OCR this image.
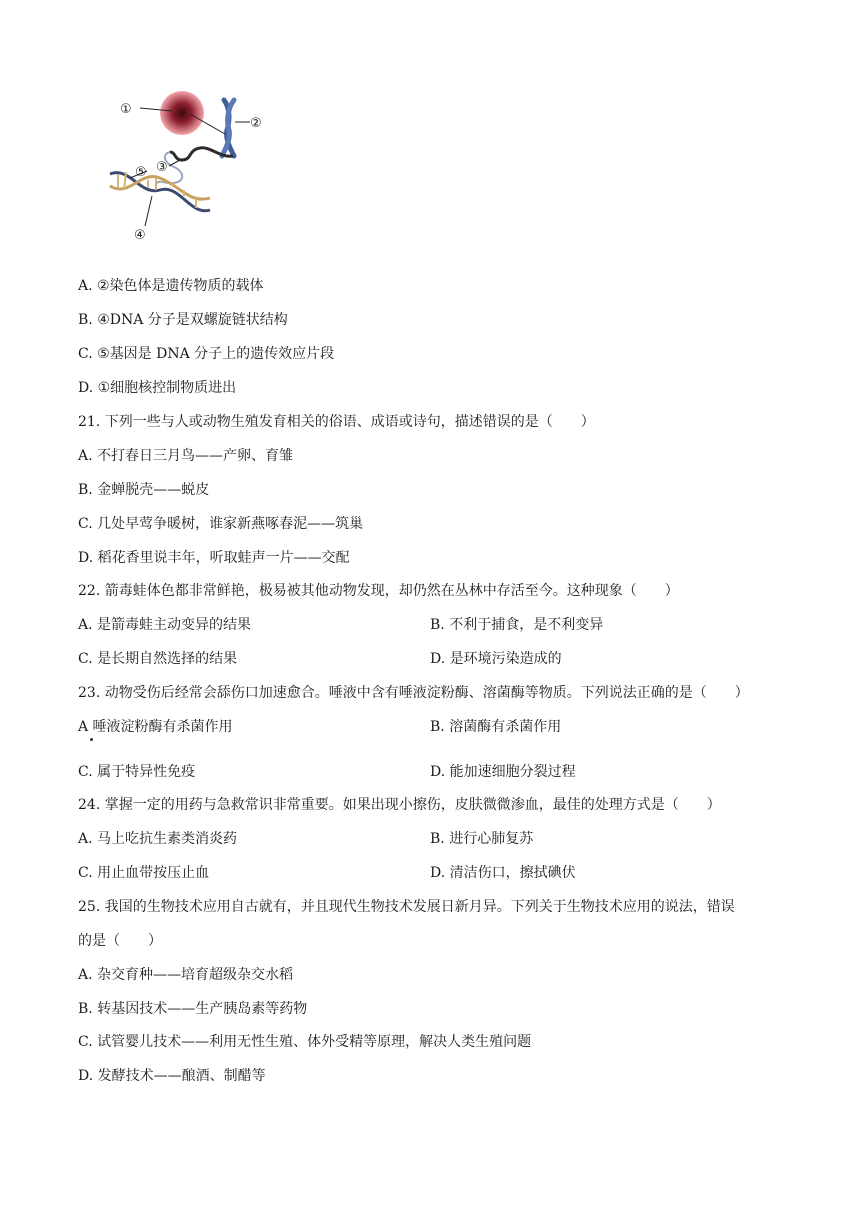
①
②
③
④
⑤
A. ②染色体是遗传物质的载体
B. ④DNA 分子是双螺旋链状结构
C. ⑤基因是 DNA 分子上的遗传效应片段
D. ①细胞核控制物质进出
21. 下列一些与人或动物生殖发育相关的俗语、成语或诗句，描述错误的是（　　）
A. 不打春日三月鸟——产卵、育雏
B. 金蝉脱壳——蜕皮
C. 几处早莺争暖树，谁家新燕啄春泥——筑巢
D. 稻花香里说丰年，听取蛙声一片——交配
22. 箭毒蛙体色都非常鲜艳，极易被其他动物发现，却仍然在丛林中存活至今。这种现象（　　）
A. 是箭毒蛙主动变异的结果	B. 不利于捕食，是不利变异
C. 是长期自然选择的结果	D. 是环境污染造成的
23. 动物受伤后经常会舔伤口加速愈合。唾液中含有唾液淀粉酶、溶菌酶等物质。下列说法正确的是（　　）
A 唾液淀粉酶有杀菌作用	B. 溶菌酶有杀菌作用
C. 属于特异性免疫	D. 能加速细胞分裂过程
24. 掌握一定的用药与急救常识非常重要。如果出现小擦伤，皮肤微微渗血，最佳的处理方式是（　　）
A. 马上吃抗生素类消炎药	B. 进行心肺复苏
C. 用止血带按压止血	D. 清洁伤口，擦拭碘伏
25. 我国的生物技术应用自古就有，并且现代生物技术发展日新月异。下列关于生物技术应用的说法，错误
的是（　　）
A. 杂交育种——培育超级杂交水稻
B. 转基因技术——生产胰岛素等药物
C. 试管婴儿技术——利用无性生殖、体外受精等原理，解决人类生殖问题
D. 发酵技术——酿酒、制醋等
